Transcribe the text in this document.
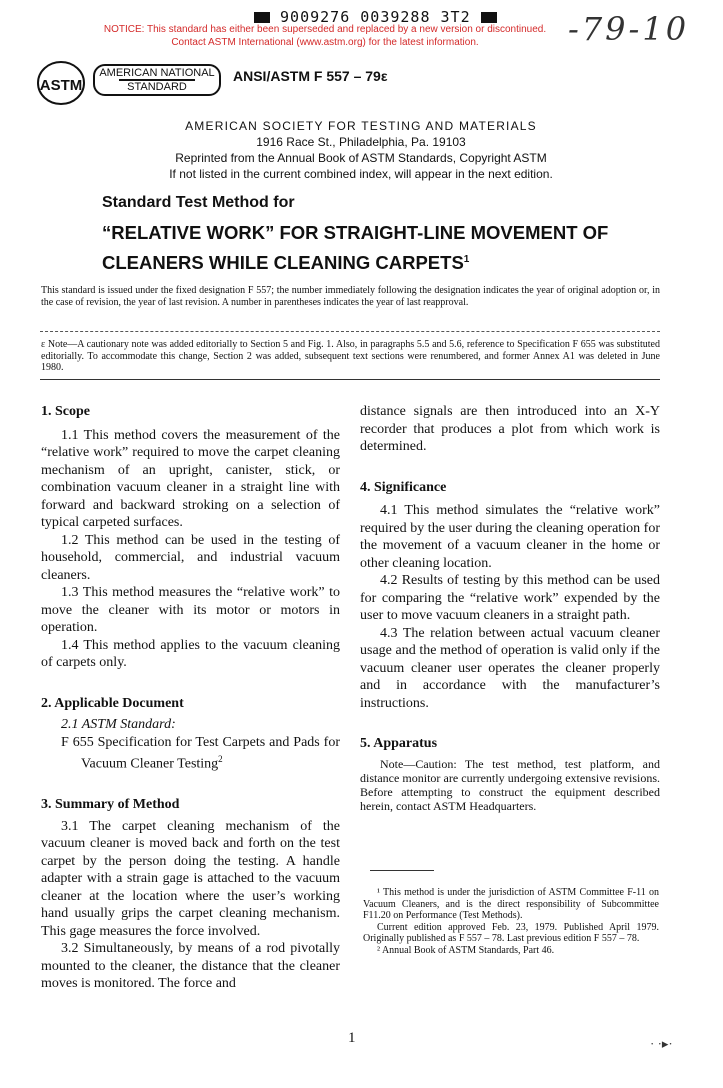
9009276 0039288 3T2
NOTICE: This standard has either been superseded and replaced by a new version or discontinued.
Contact ASTM International (www.astm.org) for the latest information.	-79-10
ASTM
AMERICAN NATIONAL
STANDARD
ANSI/ASTM F 557 – 79ε
AMERICAN SOCIETY FOR TESTING AND MATERIALS
1916 Race St., Philadelphia, Pa. 19103
Reprinted from the Annual Book of ASTM Standards, Copyright ASTM
If not listed in the current combined index, will appear in the next edition.
Standard Test Method for
“RELATIVE WORK” FOR STRAIGHT-LINE MOVEMENT OF CLEANERS WHILE CLEANING CARPETS$^1$
This standard is issued under the fixed designation F 557; the number immediately following the designation indicates the year of original adoption or, in the case of revision, the year of last revision. A number in parentheses indicates the year of last reapproval.
ε Note—A cautionary note was added editorially to Section 5 and Fig. 1. Also, in paragraphs 5.5 and 5.6, reference to Specification F 655 was substituted editorially. To accommodate this change, Section 2 was added, subsequent text sections were renumbered, and former Annex A1 was deleted in June 1980.
1. Scope

1.1 This method covers the measurement of the “relative work” required to move the carpet cleaning mechanism of an upright, canister, stick, or combination vacuum cleaner in a straight line with forward and backward stroking on a selection of typical carpeted surfaces.

1.2 This method can be used in the testing of household, commercial, and industrial vacuum cleaners.

1.3 This method measures the “relative work” to move the cleaner with its motor or motors in operation.

1.4 This method applies to the vacuum cleaning of carpets only.

2. Applicable Document

2.1 ASTM Standard:

F 655 Specification for Test Carpets and Pads for Vacuum Cleaner Testing$^2$

3. Summary of Method

3.1 The carpet cleaning mechanism of the vacuum cleaner is moved back and forth on the test carpet by the person doing the testing. A handle adapter with a strain gage is attached to the vacuum cleaner at the location where the user’s working hand usually grips the carpet cleaning mechanism. This gage measures the force involved.

3.2 Simultaneously, by means of a rod pivotally mounted to the cleaner, the distance that the cleaner moves is monitored. The force and

distance signals are then introduced into an X-Y recorder that produces a plot from which work is determined.

4. Significance

4.1 This method simulates the “relative work” required by the user during the cleaning operation for the movement of a vacuum cleaner in the home or other cleaning location.

4.2 Results of testing by this method can be used for comparing the “relative work” expended by the user to move vacuum cleaners in a straight path.

4.3 The relation between actual vacuum cleaner usage and the method of operation is valid only if the vacuum cleaner user operates the cleaner properly and in accordance with the manufacturer’s instructions.

5. Apparatus
Note—Caution: The test method, test platform, and distance monitor are currently undergoing extensive revisions. Before attempting to construct the equipment described herein, contact ASTM Headquarters.

¹ This method is under the jurisdiction of ASTM Committee F-11 on Vacuum Cleaners, and is the direct responsibility of Subcommittee F11.20 on Performance (Test Methods).

Current edition approved Feb. 23, 1979. Published April 1979. Originally published as F 557 – 78. Last previous edition F 557 – 78.

² Annual Book of ASTM Standards, Part 46.

1	· ·▸·
